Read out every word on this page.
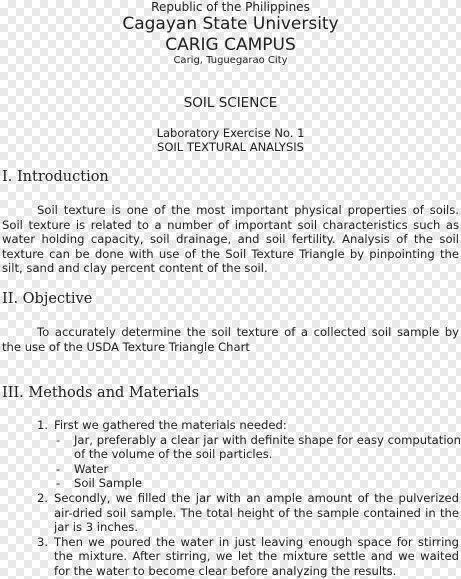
Republic of the Philippines
Cagayan State University
CARIG CAMPUS
Carig, Tuguegarao City
SOIL SCIENCE
Laboratory Exercise No. 1
SOIL TEXTURAL ANALYSIS
I. Introduction
Soil texture is one of the most important physical properties of soils. Soil texture is related to a number of important soil characteristics such as water holding capacity, soil drainage, and soil fertility. Analysis of the soil texture can be done with use of the Soil Texture Triangle by pinpointing the silt, sand and clay percent content of the soil.
II. Objective
To accurately determine the soil texture of a collected soil sample by the use of the USDA Texture Triangle Chart
III. Methods and Materials
1. First we gathered the materials needed:
- Jar, preferably a clear jar with definite shape for easy computation of the volume of the soil particles.
- Water
- Soil Sample
2. Secondly, we filled the jar with an ample amount of the pulverized air-dried soil sample. The total height of the sample contained in the jar is 3 inches.
3. Then we poured the water in just leaving enough space for stirring the mixture. After stirring, we let the mixture settle and we waited for the water to become clear before analyzing the results.
